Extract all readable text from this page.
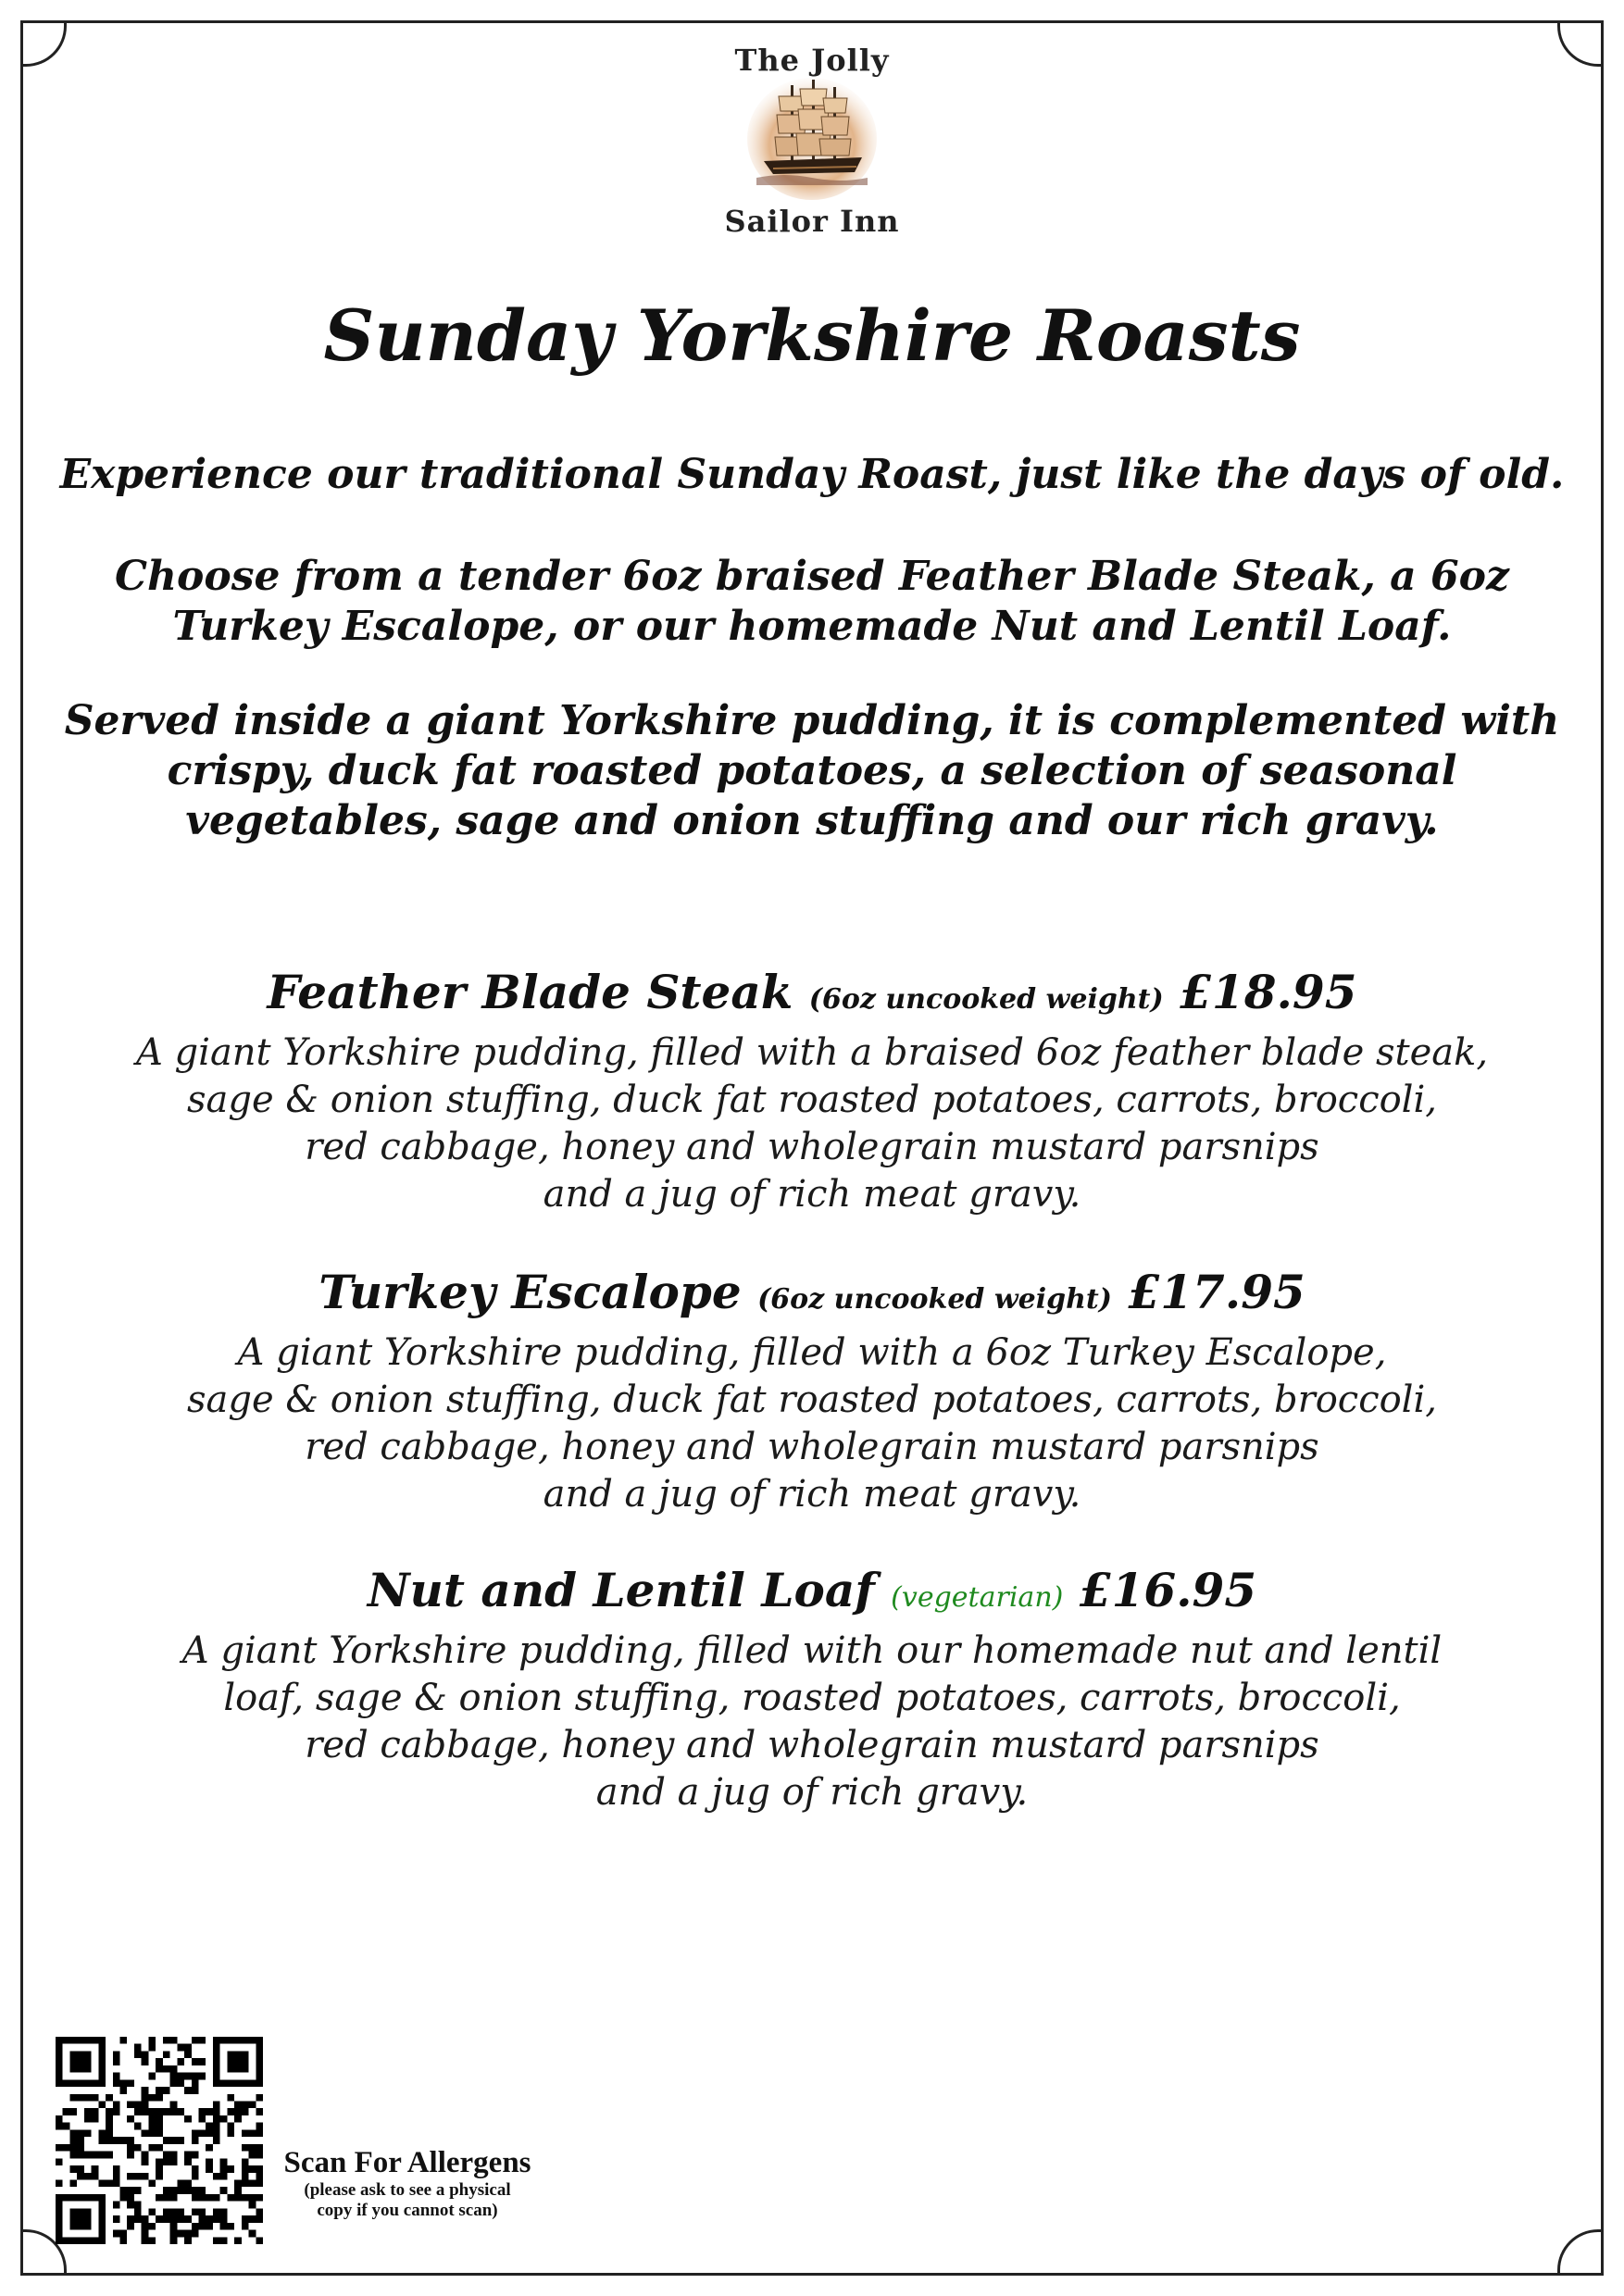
The Jolly
Sailor Inn
Sunday Yorkshire Roasts
Experience our traditional Sunday Roast, just like the days of old.
Choose from a tender 6oz braised Feather Blade Steak, a 6oz
Turkey Escalope, or our homemade Nut and Lentil Loaf.
Served inside a giant Yorkshire pudding, it is complemented with
crispy, duck fat roasted potatoes, a selection of seasonal
vegetables, sage and onion stuffing and our rich gravy.
Feather Blade Steak (6oz uncooked weight) £18.95
A giant Yorkshire pudding, filled with a braised 6oz feather blade steak,
sage & onion stuffing, duck fat roasted potatoes, carrots, broccoli,
red cabbage, honey and wholegrain mustard parsnips
and a jug of rich meat gravy.
Turkey Escalope (6oz uncooked weight) £17.95
A giant Yorkshire pudding, filled with a 6oz Turkey Escalope,
sage & onion stuffing, duck fat roasted potatoes, carrots, broccoli,
red cabbage, honey and wholegrain mustard parsnips
and a jug of rich meat gravy.
Nut and Lentil Loaf (vegetarian) £16.95
A giant Yorkshire pudding, filled with our homemade nut and lentil
loaf, sage & onion stuffing, roasted potatoes, carrots, broccoli,
red cabbage, honey and wholegrain mustard parsnips
and a jug of rich gravy.
Scan For Allergens
(please ask to see a physical
copy if you cannot scan)
